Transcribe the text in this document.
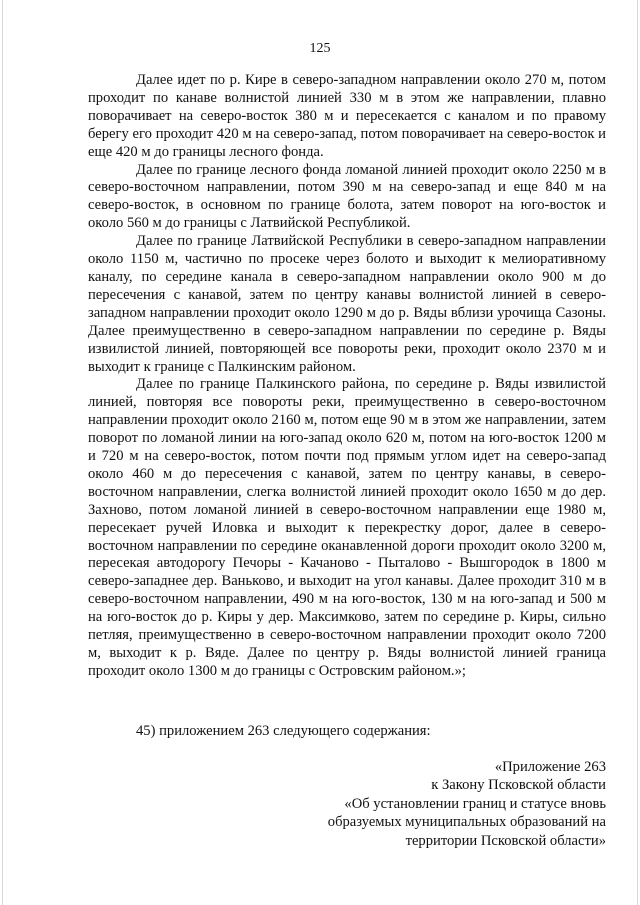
125

Далее идет по р. Кире в северо-западном направлении около 270 м, потом проходит по канаве волнистой линией 330 м в этом же направлении, плавно поворачивает на северо-восток 380 м и пересекается с каналом и по правому берегу его проходит 420 м на северо-запад, потом поворачивает на северо-восток и еще 420 м до границы лесного фонда.

Далее по границе лесного фонда ломаной линией проходит около 2250 м в северо-восточном направлении, потом 390 м на северо-запад и еще 840 м на северо-восток, в основном по границе болота, затем поворот на юго-восток и около 560 м до границы с Латвийской Республикой.

Далее по границе Латвийской Республики в северо-западном направлении около 1150 м, частично по просеке через болото и выходит к мелиоративному каналу, по середине канала в северо-западном направлении около 900 м до пересечения с канавой, затем по центру канавы волнистой линией в северо-западном направлении проходит около 1290 м до р. Вяды вблизи урочища Сазоны. Далее преимущественно в северо-западном направлении по середине р. Вяды извилистой линией, повторяющей все повороты реки, проходит около 2370 м и выходит к границе с Палкинским районом.

Далее по границе Палкинского района, по середине р. Вяды извилистой линией, повторяя все повороты реки, преимущественно в северо-восточном направлении проходит около 2160 м, потом еще 90 м в этом же направлении, затем поворот по ломаной линии на юго-запад около 620 м, потом на юго-восток 1200 м и 720 м на северо-восток, потом почти под прямым углом идет на северо-запад около 460 м до пересечения с канавой, затем по центру канавы, в северо-восточном направлении, слегка волнистой линией проходит около 1650 м до дер. Захново, потом ломаной линией в северо-восточном направлении еще 1980 м, пересекает ручей Иловка и выходит к перекрестку дорог, далее в северо-восточном направлении по середине оканавленной дороги проходит около 3200 м, пересекая автодорогу Печоры - Качаново - Пыталово - Вышгородок в 1800 м северо-западнее дер. Ваньково, и выходит на угол канавы. Далее проходит 310 м в северо-восточном направлении, 490 м на юго-восток, 130 м на юго-запад и 500 м на юго-восток до р. Киры у дер. Максимково, затем по середине р. Киры, сильно петляя, преимущественно в северо-восточном направлении проходит около 7200 м, выходит к р. Вяде. Далее по центру р. Вяды волнистой линией граница проходит около 1300 м до границы с Островским районом.»;

45) приложением 263 следующего содержания:

«Приложение 263
к Закону Псковской области
«Об установлении границ и статусе вновь
образуемых муниципальных образований на
территории Псковской области»
